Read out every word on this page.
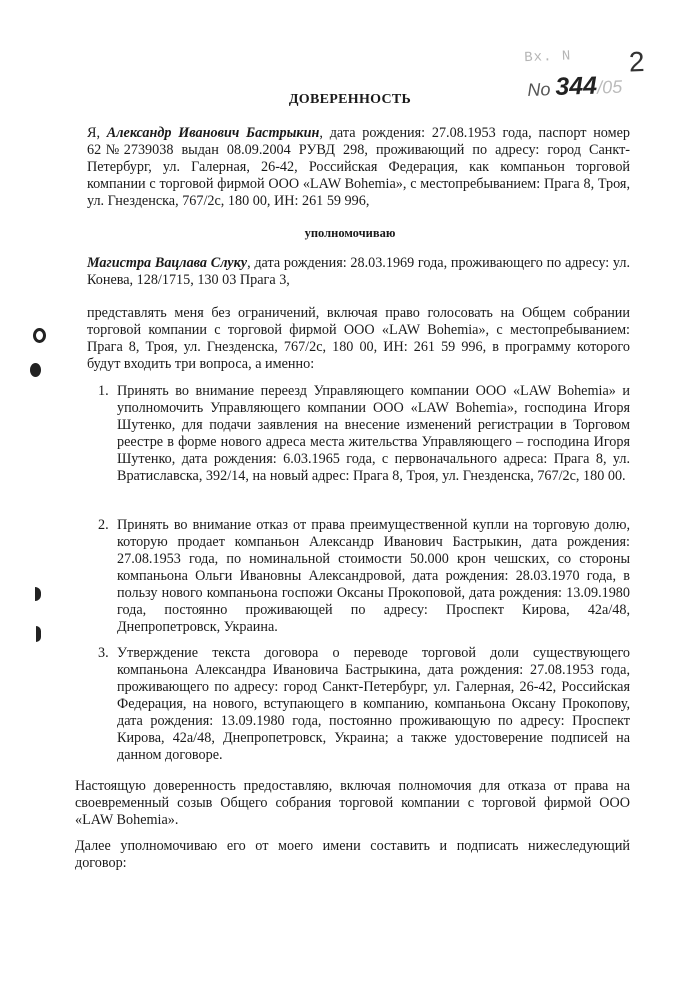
Bx. N 2
No 344/05
ДОВЕРЕННОСТЬ
Я, Александр Иванович Бастрыкин, дата рождения: 27.08.1953 года, паспорт номер 62№2739038 выдан 08.09.2004 РУВД 298, проживающий по адресу: город Санкт-Петербург, ул. Галерная, 26-42, Российская Федерация, как компаньон торговой компании с торговой фирмой ООО «LAW Bohemia», с местопребыванием: Прага 8, Троя, ул. Гнезденска, 767/2с, 180 00, ИН: 261 59 996,
уполномочиваю
Магистра Вацлава Слуку, дата рождения: 28.03.1969 года, проживающего по адресу: ул. Конева, 128/1715, 130 03 Прага 3,
представлять меня без ограничений, включая право голосовать на Общем собрании торговой компании с торговой фирмой ООО «LAW Bohemia», с местопребыванием: Прага 8, Троя, ул. Гнезденска, 767/2с, 180 00, ИН: 261 59 996, в программу которого будут входить три вопроса, а именно:
1. Принять во внимание переезд Управляющего компании ООО «LAW Bohemia» и уполномочить Управляющего компании ООО «LAW Bohemia», господина Игоря Шутенко, для подачи заявления на внесение изменений регистрации в Торговом реестре в форме нового адреса места жительства Управляющего – господина Игоря Шутенко, дата рождения: 6.03.1965 года, с первоначального адреса: Прага 8, ул. Вратиславска, 392/14, на новый адрес: Прага 8, Троя, ул. Гнезденска, 767/2с, 180 00.
2. Принять во внимание отказ от права преимущественной купли на торговую долю, которую продает компаньон Александр Иванович Бастрыкин, дата рождения: 27.08.1953 года, по номинальной стоимости 50.000 крон чешских, со стороны компаньона Ольги Ивановны Александровой, дата рождения: 28.03.1970 года, в пользу нового компаньона госпожи Оксаны Прокоповой, дата рождения: 13.09.1980 года, постоянно проживающей по адресу: Проспект Кирова, 42а/48, Днепропетровск, Украина.
3. Утверждение текста договора о переводе торговой доли существующего компаньона Александра Ивановича Бастрыкина, дата рождения: 27.08.1953 года, проживающего по адресу: город Санкт-Петербург, ул. Галерная, 26-42, Российская Федерация, на нового, вступающего в компанию, компаньона Оксану Прокопову, дата рождения: 13.09.1980 года, постоянно проживающую по адресу: Проспект Кирова, 42а/48, Днепропетровск, Украина; а также удостоверение подписей на данном договоре.
Настоящую доверенность предоставляю, включая полномочия для отказа от права на своевременный созыв Общего собрания торговой компании с торговой фирмой ООО «LAW Bohemia».
Далее уполномочиваю его от моего имени составить и подписать нижеследующий договор:
